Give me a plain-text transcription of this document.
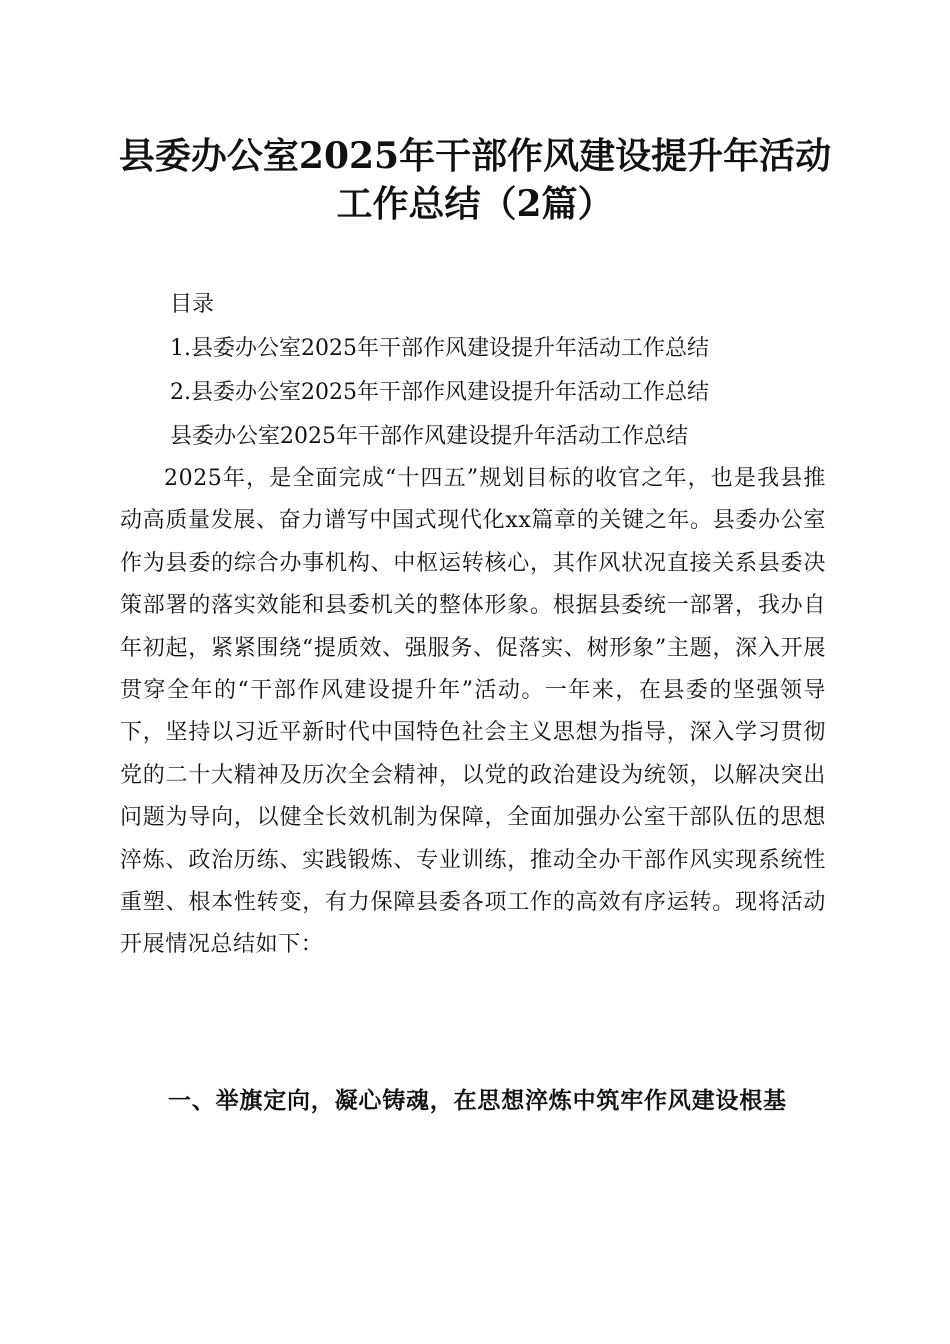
县委办公室2025年干部作风建设提升年活动
工作总结（2篇）
目录
1.县委办公室2025年干部作风建设提升年活动工作总结
2.县委办公室2025年干部作风建设提升年活动工作总结
县委办公室2025年干部作风建设提升年活动工作总结

2025年，是全面完成“十四五”规划目标的收官之年，也是我县推动高质量发展、奋力谱写中国式现代化xx篇章的关键之年。县委办公室作为县委的综合办事机构、中枢运转核心，其作风状况直接关系县委决策部署的落实效能和县委机关的整体形象。根据县委统一部署，我办自年初起，紧紧围绕“提质效、强服务、促落实、树形象”主题，深入开展贯穿全年的“干部作风建设提升年”活动。一年来，在县委的坚强领导下，坚持以习近平新时代中国特色社会主义思想为指导，深入学习贯彻党的二十大精神及历次全会精神，以党的政治建设为统领，以解决突出问题为导向，以健全长效机制为保障，全面加强办公室干部队伍的思想淬炼、政治历练、实践锻炼、专业训练，推动全办干部作风实现系统性重塑、根本性转变，有力保障县委各项工作的高效有序运转。现将活动开展情况总结如下：

一、举旗定向，凝心铸魂，在思想淬炼中筑牢作风建设根基
